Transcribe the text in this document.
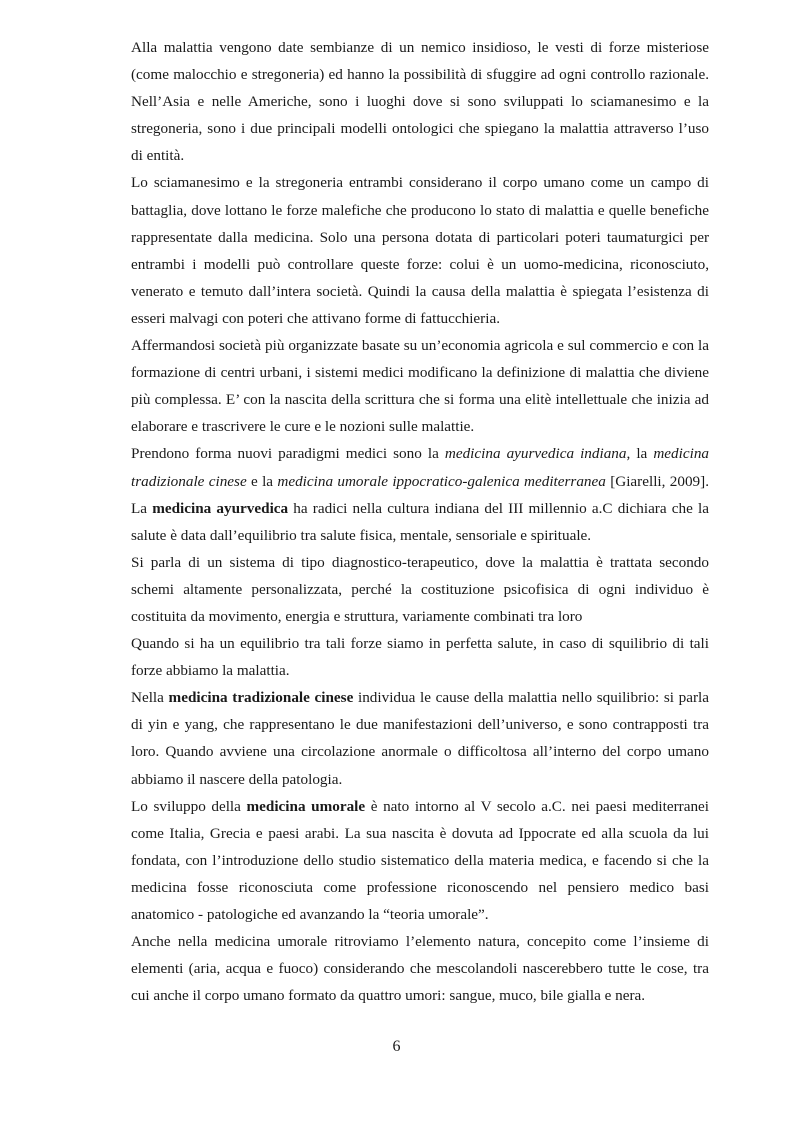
Alla malattia vengono date sembianze di un nemico insidioso, le vesti di forze misteriose (come malocchio e stregoneria) ed hanno la possibilità di sfuggire ad ogni controllo razionale. Nell’Asia e nelle Americhe, sono i luoghi dove si sono sviluppati lo sciamanesimo e la stregoneria, sono i due principali modelli ontologici che spiegano la malattia attraverso l’uso di entità.

Lo sciamanesimo e la stregoneria entrambi considerano il corpo umano come un campo di battaglia, dove lottano le forze malefiche che producono lo stato di malattia e quelle benefiche rappresentate dalla medicina. Solo una persona dotata di particolari poteri taumaturgici per entrambi i modelli può controllare queste forze: colui è un uomo-medicina, riconosciuto, venerato e temuto dall’intera società. Quindi la causa della malattia è spiegata l’esistenza di esseri malvagi con poteri che attivano forme di fattucchieria.

Affermandosi società più organizzate basate su un’economia agricola e sul commercio e con la formazione di centri urbani, i sistemi medici modificano la definizione di malattia che diviene più complessa. E’ con la nascita della scrittura che si forma una elitè intellettuale che inizia ad elaborare e trascrivere le cure e le nozioni sulle malattie.

Prendono forma nuovi paradigmi medici sono la medicina ayurvedica indiana, la medicina tradizionale cinese e la medicina umorale ippocratico-galenica mediterranea [Giarelli, 2009]. La medicina ayurvedica ha radici nella cultura indiana del III millennio a.C dichiara che la salute è data dall’equilibrio tra salute fisica, mentale, sensoriale e spirituale.

Si parla di un sistema di tipo diagnostico-terapeutico, dove la malattia è trattata secondo schemi altamente personalizzata, perché la costituzione psicofisica di ogni individuo è costituita da movimento, energia e struttura, variamente combinati tra loro

Quando si ha un equilibrio tra tali forze siamo in perfetta salute, in caso di squilibrio di tali forze abbiamo la malattia.

Nella medicina tradizionale cinese individua le cause della malattia nello squilibrio: si parla di yin e yang, che rappresentano le due manifestazioni dell’universo, e sono contrapposti tra loro. Quando avviene una circolazione anormale o difficoltosa all’interno del corpo umano abbiamo il nascere della patologia.

Lo sviluppo della medicina umorale è nato intorno al V secolo a.C. nei paesi mediterranei come Italia, Grecia e paesi arabi. La sua nascita è dovuta ad Ippocrate ed alla scuola da lui fondata, con l’introduzione dello studio sistematico della materia medica, e facendo si che la medicina fosse riconosciuta come professione riconoscendo nel pensiero medico basi anatomico - patologiche ed avanzando la “teoria umorale”.

Anche nella medicina umorale ritroviamo l’elemento natura, concepito come l’insieme di elementi (aria, acqua e fuoco) considerando che mescolandoli nascerebbero tutte le cose, tra cui anche il corpo umano formato da quattro umori: sangue, muco, bile gialla e nera.

6
